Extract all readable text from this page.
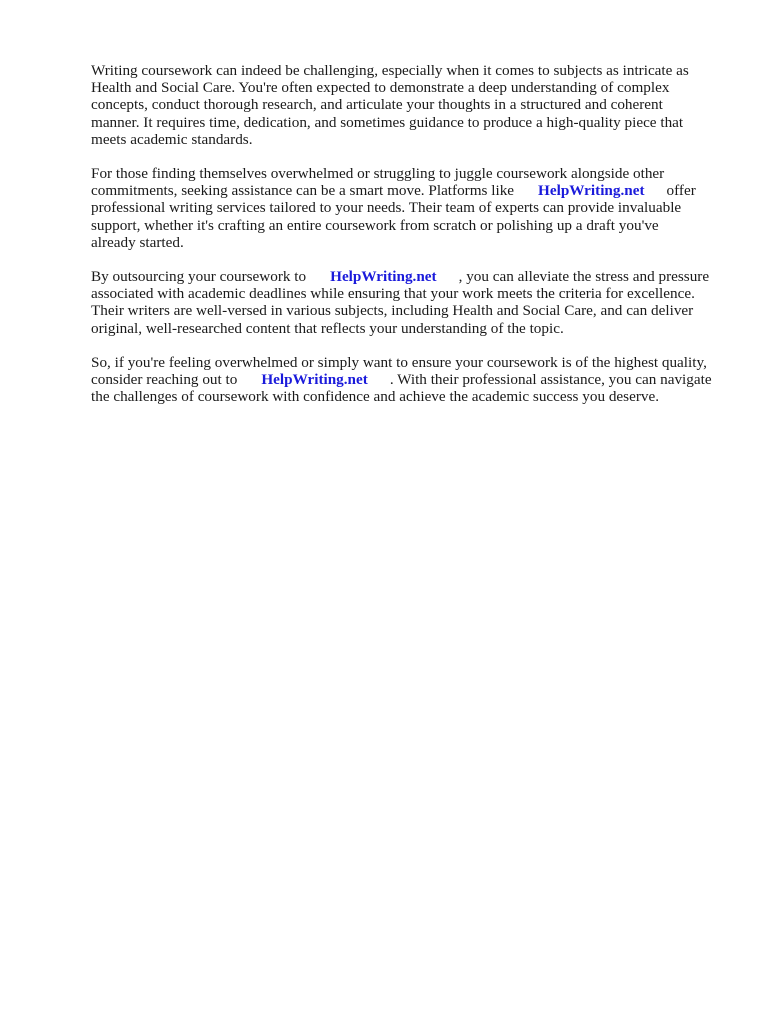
Writing coursework can indeed be challenging, especially when it comes to subjects as intricate as
Health and Social Care. You're often expected to demonstrate a deep understanding of complex
concepts, conduct thorough research, and articulate your thoughts in a structured and coherent
manner. It requires time, dedication, and sometimes guidance to produce a high-quality piece that
meets academic standards.

For those finding themselves overwhelmed or struggling to juggle coursework alongside other
commitments, seeking assistance can be a smart move. Platforms like HelpWriting.net offer
professional writing services tailored to your needs. Their team of experts can provide invaluable
support, whether it's crafting an entire coursework from scratch or polishing up a draft you've
already started.

By outsourcing your coursework to HelpWriting.net , you can alleviate the stress and pressure
associated with academic deadlines while ensuring that your work meets the criteria for excellence.
Their writers are well-versed in various subjects, including Health and Social Care, and can deliver
original, well-researched content that reflects your understanding of the topic.

So, if you're feeling overwhelmed or simply want to ensure your coursework is of the highest quality,
consider reaching out to HelpWriting.net . With their professional assistance, you can navigate
the challenges of coursework with confidence and achieve the academic success you deserve.
